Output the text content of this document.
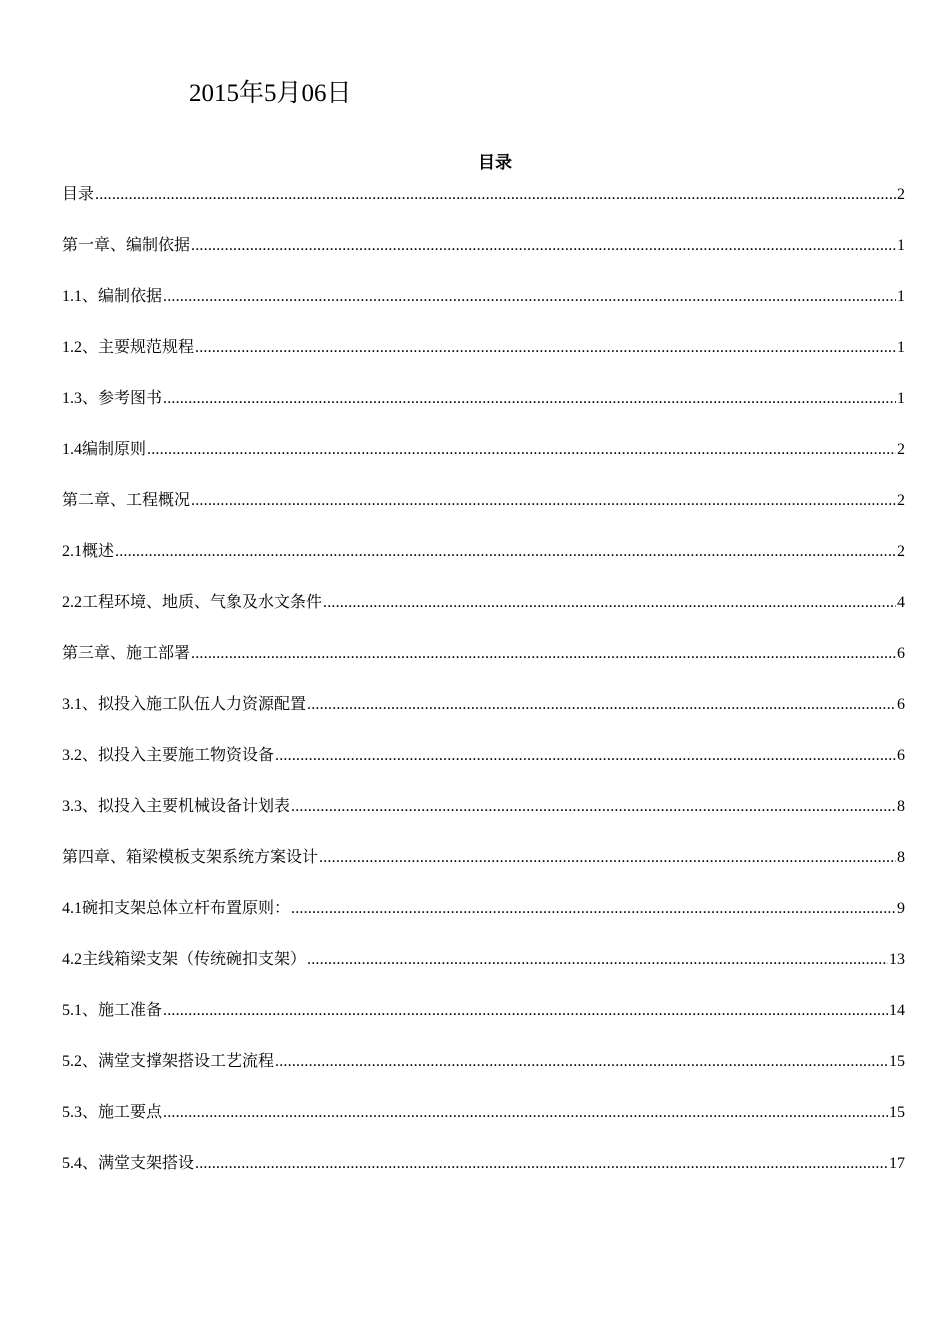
2015年5月06日
目录
目录 .....	2
第一章、编制依据 .....	1
1.1、编制依据 .....	1
1.2、主要规范规程 .....	1
1.3、参考图书 .....	1
1.4编制原则 .....	2
第二章、工程概况 .....	2
2.1概述 .....	2
2.2工程环境、地质、气象及水文条件 .....	4
第三章、施工部署 .....	6
3.1、拟投入施工队伍人力资源配置 .....	6
3.2、拟投入主要施工物资设备 .....	6
3.3、拟投入主要机械设备计划表 .....	8
第四章、箱梁模板支架系统方案设计 .....	8
4.1碗扣支架总体立杆布置原则： .....	9
4.2主线箱梁支架（传统碗扣支架） .....	13
5.1、施工准备 .....	14
5.2、满堂支撑架搭设工艺流程 .....	15
5.3、施工要点 .....	15
5.4、满堂支架搭设 .....	17
